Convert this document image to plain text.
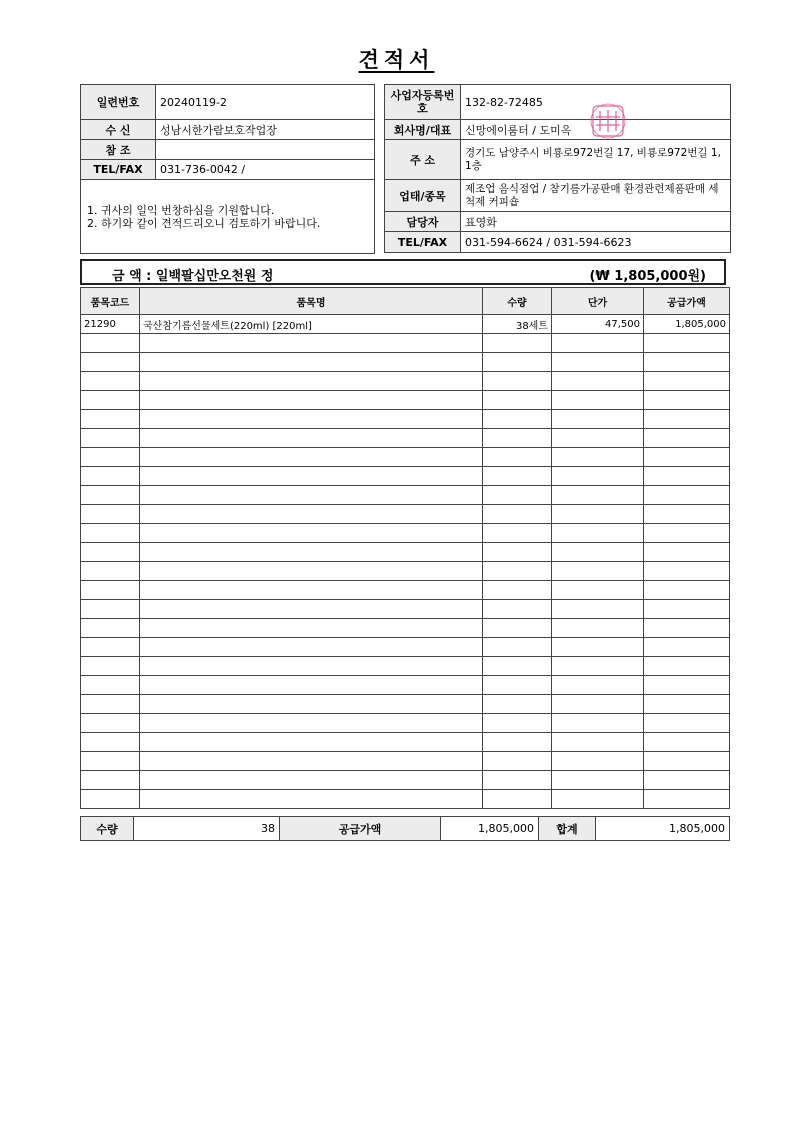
견적서
일련번호	20240119-2
수 신	성남시한가람보호작업장
참 조	
TEL/FAX	031-736-0042 /

1. 귀사의 일익 번창하심을 기원합니다.
2. 하기와 같이 견적드리오니 검토하기 바랍니다.	
사업자등록번호	132-82-72485
회사명/대표	신망에이룸터 / 도미옥
주 소	경기도 남양주시 비룡로972번길 17, 비룡로972번길 1, 1층
업태/종목	제조업 음식점업 / 참기름가공판매 환경관련제품판매 세척제 커피숍
담당자	표영화
TEL/FAX	031-594-6624 / 031-594-6623
금 액 : 일백팔십만오천원 정	(₩ 1,805,000원)
품목코드	품목명	수량	단가	공급가액
21290	국산참기름선물세트(220ml) [220ml]	38세트	47,500	1,805,000

수량	38	공급가액	1,805,000	합계	1,805,000
